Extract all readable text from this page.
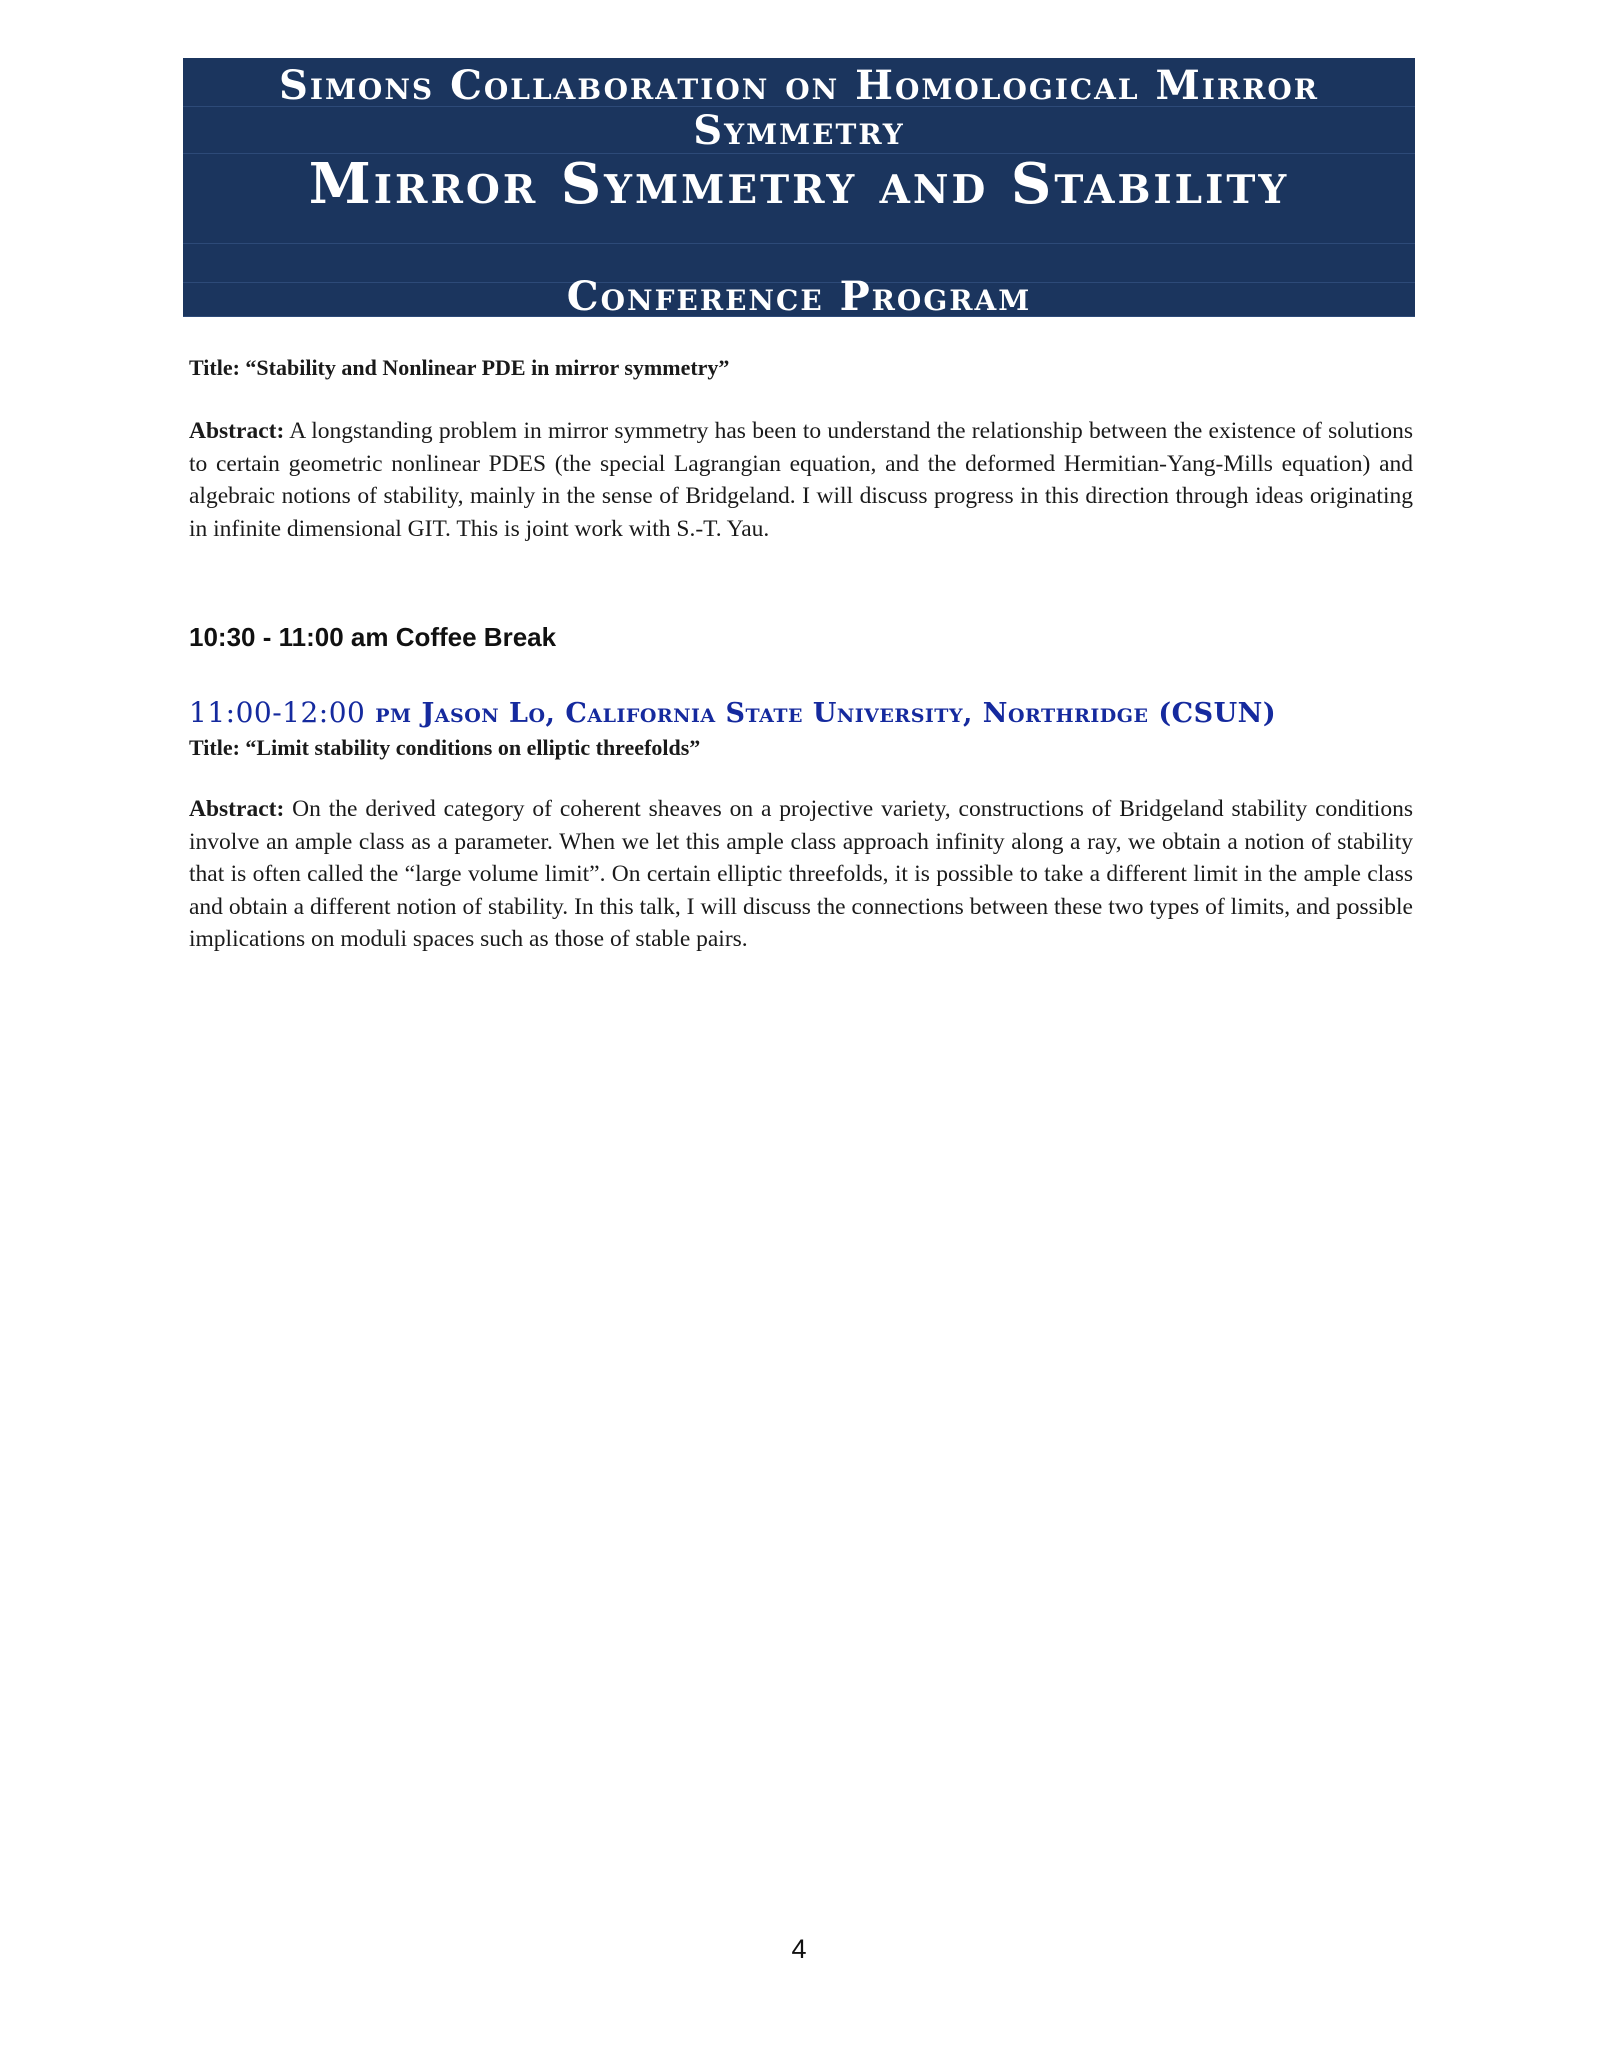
Simons Collaboration on Homological Mirror
Symmetry
Mirror Symmetry and Stability
Conference Program
Title: “Stability and Nonlinear PDE in mirror symmetry”
Abstract: A longstanding problem in mirror symmetry has been to understand the relationship between the existence of solutions to certain geometric nonlinear PDES (the special Lagrangian equation, and the deformed Hermitian-Yang-Mills equation) and algebraic notions of stability, mainly in the sense of Bridgeland. I will discuss progress in this direction through ideas originating in infinite dimensional GIT. This is joint work with S.-T. Yau.
10:30 - 11:00 am Coffee Break
11:00-12:00 pm Jason Lo, California State University, Northridge (CSUN)
Title: “Limit stability conditions on elliptic threefolds”
Abstract: On the derived category of coherent sheaves on a projective variety, constructions of Bridgeland stability conditions involve an ample class as a parameter. When we let this ample class approach infinity along a ray, we obtain a notion of stability that is often called the “large volume limit”. On certain elliptic threefolds, it is possible to take a different limit in the ample class and obtain a different notion of stability. In this talk, I will discuss the connections between these two types of limits, and possible implications on moduli spaces such as those of stable pairs.
4
